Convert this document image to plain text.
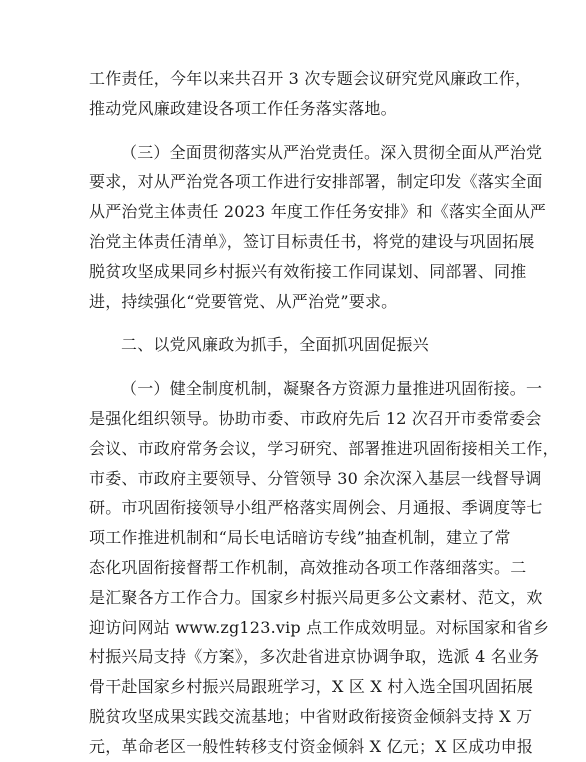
工作责任，今年以来共召开 3 次专题会议研究党风廉政工作，
推动党风廉政建设各项工作任务落实落地。
（三）全面贯彻落实从严治党责任。深入贯彻全面从严治党
要求，对从严治党各项工作进行安排部署，制定印发《落实全面
从严治党主体责任 2023 年度工作任务安排》和《落实全面从严
治党主体责任清单》，签订目标责任书，将党的建设与巩固拓展
脱贫攻坚成果同乡村振兴有效衔接工作同谋划、同部署、同推
进，持续强化“党要管党、从严治党”要求。
二、以党风廉政为抓手，全面抓巩固促振兴
（一）健全制度机制，凝聚各方资源力量推进巩固衔接。一
是强化组织领导。协助市委、市政府先后 12 次召开市委常委会
会议、市政府常务会议，学习研究、部署推进巩固衔接相关工作，
市委、市政府主要领导、分管领导 30 余次深入基层一线督导调
研。市巩固衔接领导小组严格落实周例会、月通报、季调度等七
项工作推进机制和“局长电话暗访专线”抽查机制，建立了常
态化巩固衔接督帮工作机制，高效推动各项工作落细落实。二
是汇聚各方工作合力。国家乡村振兴局更多公文素材、范文，欢
迎访问网站 www.zg123.vip 点工作成效明显。对标国家和省乡
村振兴局支持《方案》，多次赴省进京协调争取，选派 4 名业务
骨干赴国家乡村振兴局跟班学习，X 区 X 村入选全国巩固拓展
脱贫攻坚成果实践交流基地；中省财政衔接资金倾斜支持 X 万
元，革命老区一般性转移支付资金倾斜 X 亿元；X 区成功申报
